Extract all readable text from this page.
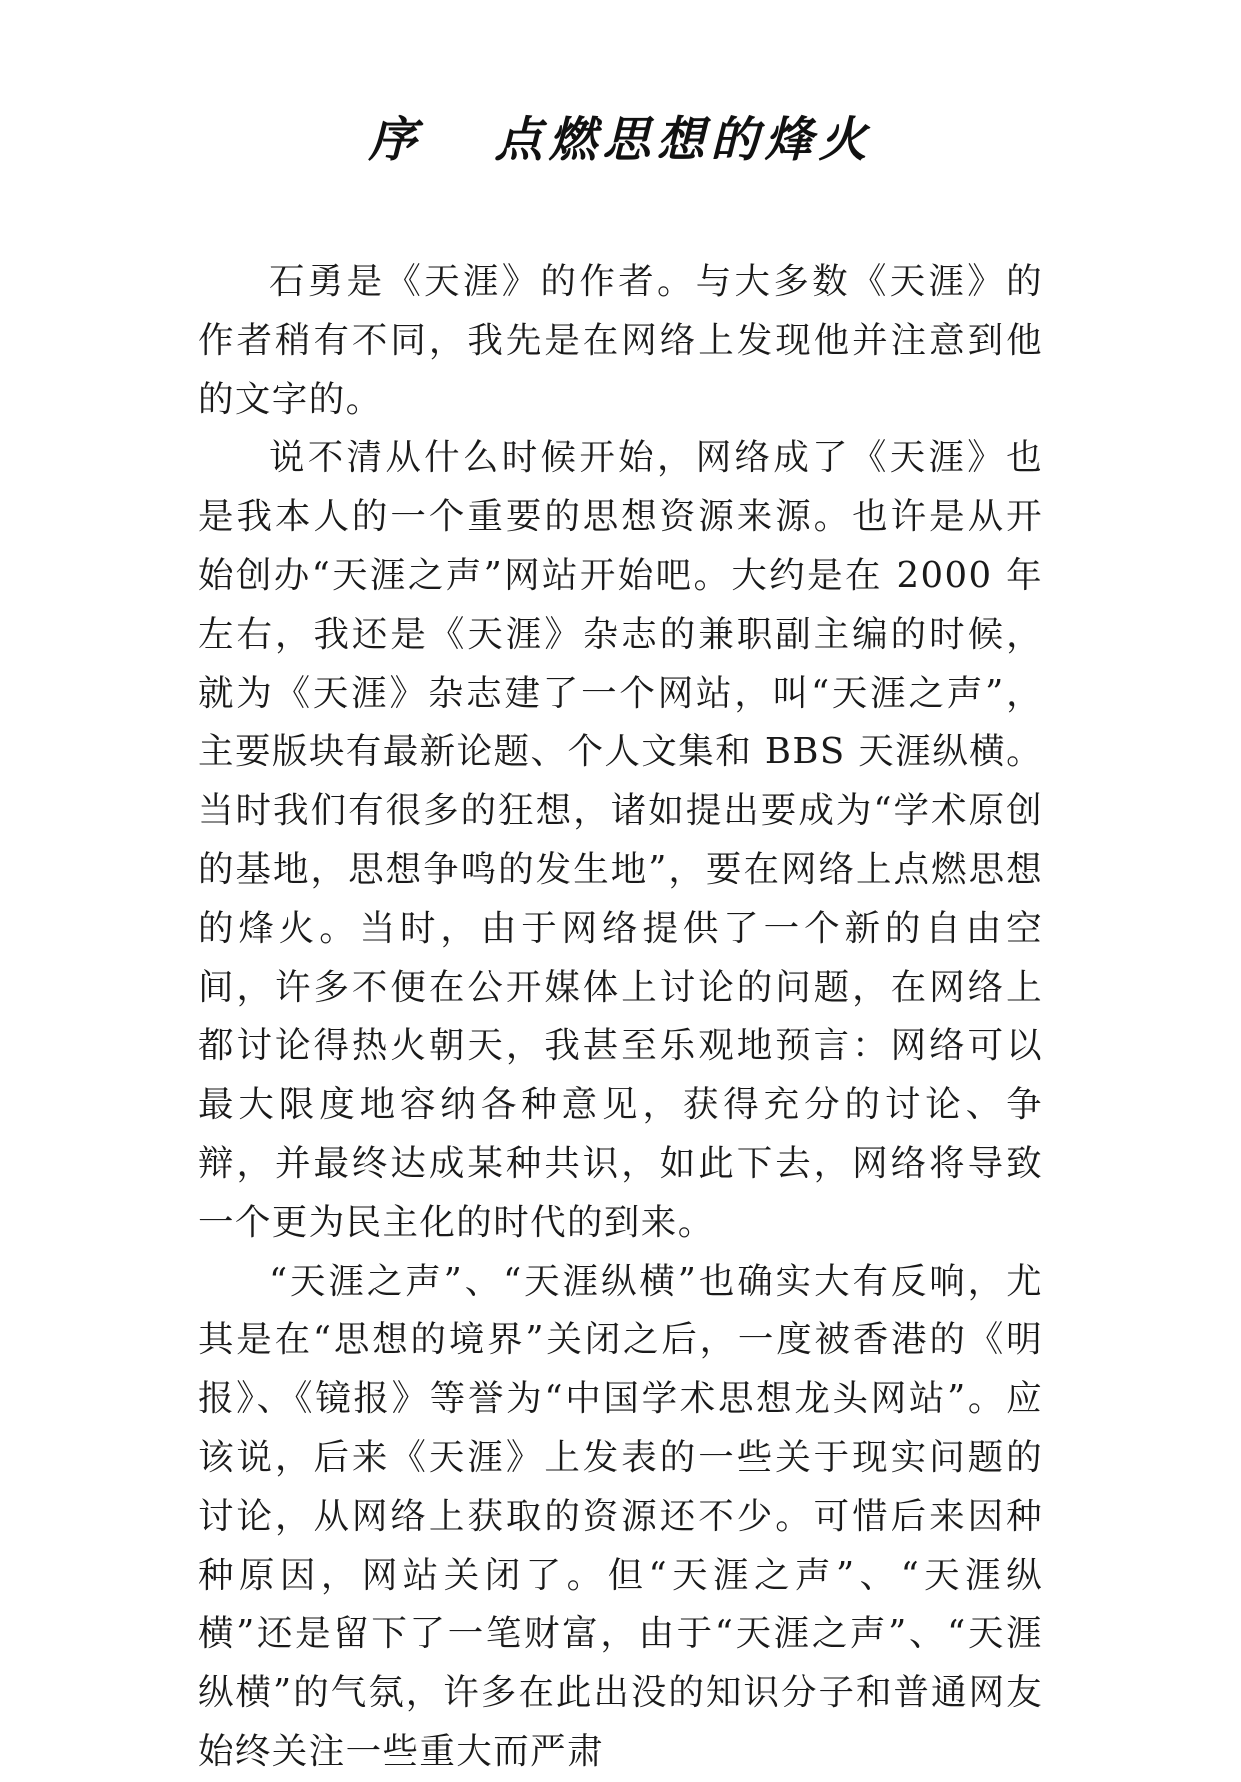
序 点燃思想的烽火

石勇是《天涯》的作者。与大多数《天涯》的作者稍有不同，我先是在网络上发现他并注意到他的文字的。

说不清从什么时候开始，网络成了《天涯》也是我本人的一个重要的思想资源来源。也许是从开始创办“天涯之声”网站开始吧。大约是在 2000 年左右，我还是《天涯》杂志的兼职副主编的时候，就为《天涯》杂志建了一个网站，叫“天涯之声”，主要版块有最新论题、个人文集和 BBS 天涯纵横。当时我们有很多的狂想，诸如提出要成为“学术原创的基地，思想争鸣的发生地”，要在网络上点燃思想的烽火。当时，由于网络提供了一个新的自由空间，许多不便在公开媒体上讨论的问题，在网络上都讨论得热火朝天，我甚至乐观地预言：网络可以最大限度地容纳各种意见，获得充分的讨论、争辩，并最终达成某种共识，如此下去，网络将导致一个更为民主化的时代的到来。

“天涯之声”、“天涯纵横”也确实大有反响，尤其是在“思想的境界”关闭之后，一度被香港的《明报》、《镜报》等誉为“中国学术思想龙头网站”。应该说，后来《天涯》上发表的一些关于现实问题的讨论，从网络上获取的资源还不少。可惜后来因种种原因，网站关闭了。但“天涯之声”、“天涯纵横”还是留下了一笔财富，由于“天涯之声”、“天涯纵横”的气氛，许多在此出没的知识分子和普通网友始终关注一些重大而严肃
